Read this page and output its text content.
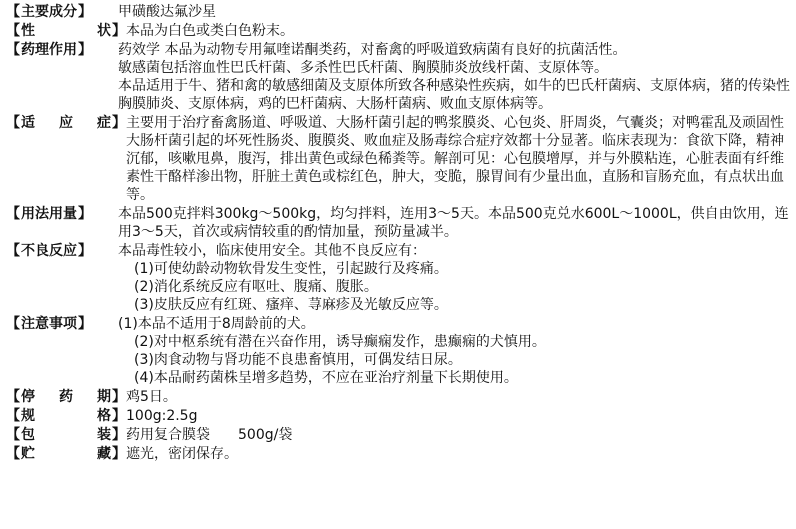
【主要成分】	甲磺酸达氟沙星

【性　状】 本品为白色或类白色粉末。

【药理作用】	药效学 本品为动物专用氟喹诺酮类药，对畜禽的呼吸道致病菌有良好的抗菌活性。

敏感菌包括溶血性巴氏杆菌、多杀性巴氏杆菌、胸膜肺炎放线杆菌、支原体等。

本品适用于牛、猪和禽的敏感细菌及支原体所致各种感染性疾病，如牛的巴氏杆菌病、支原体病，猪的传染性胸膜肺炎、支原体病，鸡的巴杆菌病、大肠杆菌病、败血支原体病等。

【适应症】 主要用于治疗畜禽肠道、呼吸道、大肠杆菌引起的鸭浆膜炎、心包炎、肝周炎，气囊炎；对鸭霍乱及顽固性大肠杆菌引起的坏死性肠炎、腹膜炎、败血症及肠毒综合症疗效都十分显著。临床表现为：食欲下降，精神沉郁，咳嗽甩鼻，腹泻，排出黄色或绿色稀粪等。解剖可见：心包膜增厚，并与外膜粘连，心脏表面有纤维素性干酪样渗出物，肝脏土黄色或棕红色，肿大，变脆，腺胃间有少量出血，直肠和盲肠充血，有点状出血等。

【用法用量】	本品500克拌料300kg～500kg，均匀拌料，连用3～5天。本品500克兑水600L～1000L，供自由饮用，连用3～5天，首次或病情较重的酌情加量，预防量减半。

【不良反应】	本品毒性较小，临床使用安全。其他不良反应有：

(1)可使幼龄动物软骨发生变性，引起跛行及疼痛。

(2)消化系统反应有呕吐、腹痛、腹胀。

(3)皮肤反应有红斑、瘙痒、荨麻疹及光敏反应等。

【注意事项】	(1)本品不适用于8周龄前的犬。

(2)对中枢系统有潜在兴奋作用，诱导癫痫发作，患癫痫的犬慎用。

(3)肉食动物与肾功能不良患畜慎用，可偶发结日尿。

(4)本品耐药菌株呈增多趋势，不应在亚治疗剂量下长期使用。

【停药期】 鸡5日。

【规　格】 100g:2.5g

【包　装】 药用复合膜袋　　500g/袋

【贮　藏】 遮光，密闭保存。
